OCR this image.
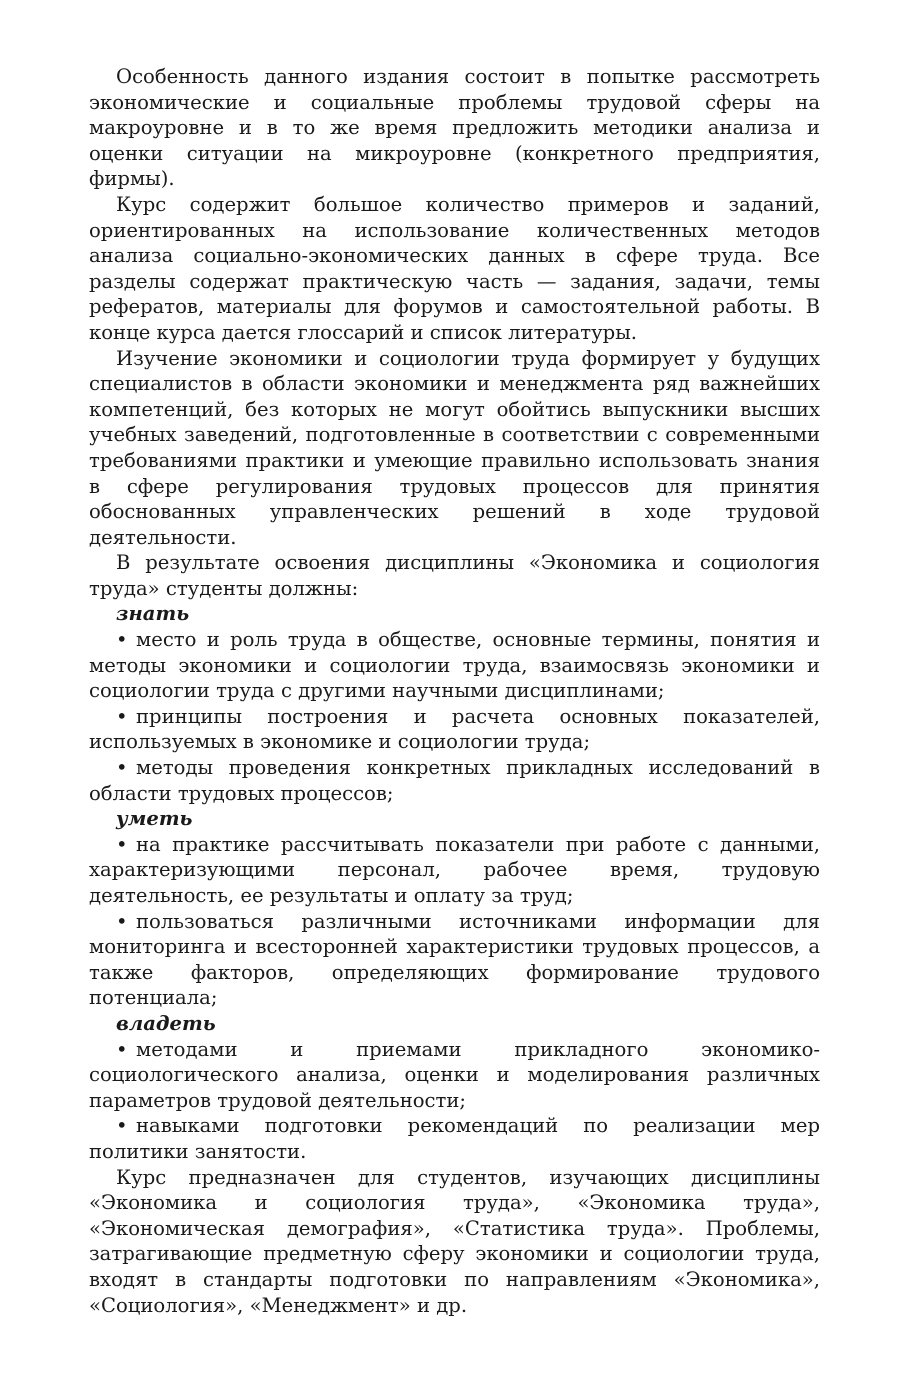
Особенность данного издания состоит в попытке рассмотреть экономические и социальные проблемы трудовой сферы на макроуровне и в то же время предложить методики анализа и оценки ситуации на микроуровне (конкретного предприятия, фирмы).

Курс содержит большое количество примеров и заданий, ориентированных на использование количественных методов анализа социально-экономических данных в сфере труда. Все разделы содержат практическую часть — задания, задачи, темы рефератов, материалы для форумов и самостоятельной работы. В конце курса дается глоссарий и список литературы.

Изучение экономики и социологии труда формирует у будущих специалистов в области экономики и менеджмента ряд важнейших компетенций, без которых не могут обойтись выпускники высших учебных заведений, подготовленные в соответствии с современными требованиями практики и умеющие правильно использовать знания в сфере регулирования трудовых процессов для принятия обоснованных управленческих решений в ходе трудовой деятельности.

В результате освоения дисциплины «Экономика и социология труда» студенты должны:

знать

• место и роль труда в обществе, основные термины, понятия и методы экономики и социологии труда, взаимосвязь экономики и социологии труда с другими научными дисциплинами;

• принципы построения и расчета основных показателей, используемых в экономике и социологии труда;

• методы проведения конкретных прикладных исследований в области трудовых процессов;

уметь

• на практике рассчитывать показатели при работе с данными, характеризующими персонал, рабочее время, трудовую деятельность, ее результаты и оплату за труд;

• пользоваться различными источниками информации для мониторинга и всесторонней характеристики трудовых процессов, а также факторов, определяющих формирование трудового потенциала;

владеть

• методами и приемами прикладного экономико-социологического анализа, оценки и моделирования различных параметров трудовой деятельности;

• навыками подготовки рекомендаций по реализации мер политики занятости.

Курс предназначен для студентов, изучающих дисциплины «Экономика и социология труда», «Экономика труда», «Экономическая демография», «Статистика труда». Проблемы, затрагивающие предметную сферу экономики и социологии труда, входят в стандарты подготовки по направлениям «Экономика», «Социология», «Менеджмент» и др.
